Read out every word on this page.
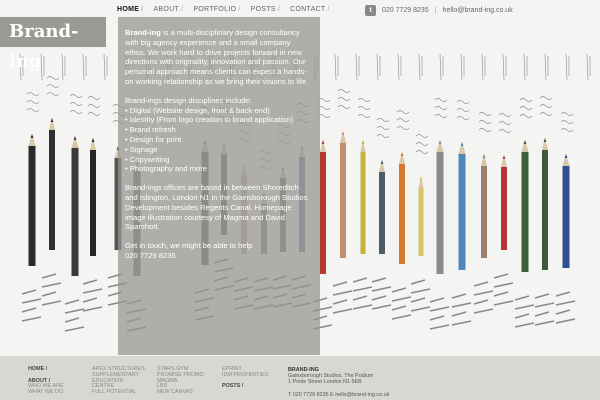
HOME / ABOUT / PORTFOLIO / POSTS / CONTACT /	t	020 7729 8235 | hello@brand-ing.co.uk
Brand-ing

Brand-ing is a multi-disciplinary design consultancy with big agency experience and a small company ethos. We work hard to drive projects forward in new directions with originality, innovation and passion. Our personal approach means clients can expect a hands-on working relationship as we bring their visions to life.

Brand-ings design disciplines include:
• Digital (Website design, front & back-end)
• Identity (From logo creation to brand application)
• Brand refresh
• Design for print
• Signage
• Copywriting
• Photography and more

Brand-ings offices are based in between Shoreditch and Islington, London N1 in the Gainsborough Studios Development besides Regents Canal. Homepage image illustration courtesy of Magma and David Sparshott.

Get in touch, we might be able to help
020 7729 8235
HOME /

ABOUT /
WHO WE ARE
WHAT WE DO
APEX STRUCTURES
SUPPLEMENTARY
EDUCATION
CENTRE
FULL POTENTIAL
STARS GYM
PROMISE PROMO
MAGMA
LBS
NEW CANVAS
EPRINT
IDM PROPERTIES

POSTS /
BRAND-ING
Gainsborough Studios, The Podium
1 Poole Street London N1 5EB
T 020 7729 8235 E hello@brand-ing.co.uk
